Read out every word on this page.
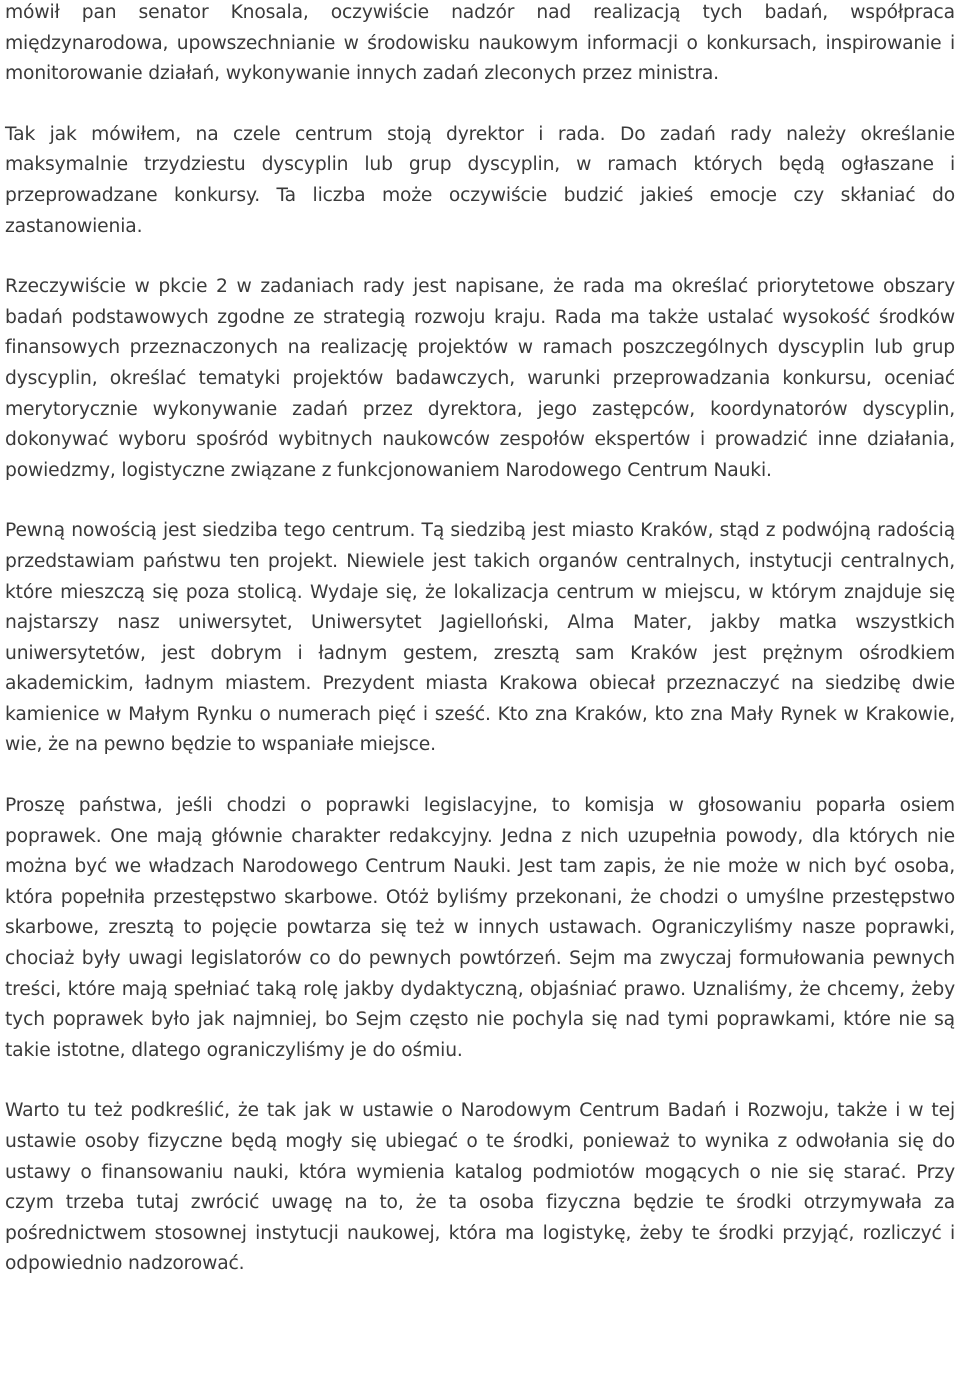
mówił pan senator Knosala, oczywiście nadzór nad realizacją tych badań, współpraca międzynarodowa, upowszechnianie w środowisku naukowym informacji o konkursach, inspirowanie i monitorowanie działań, wykonywanie innych zadań zleconych przez ministra.

Tak jak mówiłem, na czele centrum stoją dyrektor i rada. Do zadań rady należy określanie maksymalnie trzydziestu dyscyplin lub grup dyscyplin, w ramach których będą ogłaszane i przeprowadzane konkursy. Ta liczba może oczywiście budzić jakieś emocje czy skłaniać do zastanowienia.

Rzeczywiście w pkcie 2 w zadaniach rady jest napisane, że rada ma określać priorytetowe obszary badań podstawowych zgodne ze strategią rozwoju kraju. Rada ma także ustalać wysokość środków finansowych przeznaczonych na realizację projektów w ramach poszczególnych dyscyplin lub grup dyscyplin, określać tematyki projektów badawczych, warunki przeprowadzania konkursu, oceniać merytorycznie wykonywanie zadań przez dyrektora, jego zastępców, koordynatorów dyscyplin, dokonywać wyboru spośród wybitnych naukowców zespołów ekspertów i prowadzić inne działania, powiedzmy, logistyczne związane z funkcjonowaniem Narodowego Centrum Nauki.

Pewną nowością jest siedziba tego centrum. Tą siedzibą jest miasto Kraków, stąd z podwójną radością przedstawiam państwu ten projekt. Niewiele jest takich organów centralnych, instytucji centralnych, które mieszczą się poza stolicą. Wydaje się, że lokalizacja centrum w miejscu, w którym znajduje się najstarszy nasz uniwersytet, Uniwersytet Jagielloński, Alma Mater, jakby matka wszystkich uniwersytetów, jest dobrym i ładnym gestem, zresztą sam Kraków jest prężnym ośrodkiem akademickim, ładnym miastem. Prezydent miasta Krakowa obiecał przeznaczyć na siedzibę dwie kamienice w Małym Rynku o numerach pięć i sześć. Kto zna Kraków, kto zna Mały Rynek w Krakowie, wie, że na pewno będzie to wspaniałe miejsce.

Proszę państwa, jeśli chodzi o poprawki legislacyjne, to komisja w głosowaniu poparła osiem poprawek. One mają głównie charakter redakcyjny. Jedna z nich uzupełnia powody, dla których nie można być we władzach Narodowego Centrum Nauki. Jest tam zapis, że nie może w nich być osoba, która popełniła przestępstwo skarbowe. Otóż byliśmy przekonani, że chodzi o umyślne przestępstwo skarbowe, zresztą to pojęcie powtarza się też w innych ustawach. Ograniczyliśmy nasze poprawki, chociaż były uwagi legislatorów co do pewnych powtórzeń. Sejm ma zwyczaj formułowania pewnych treści, które mają spełniać taką rolę jakby dydaktyczną, objaśniać prawo. Uznaliśmy, że chcemy, żeby tych poprawek było jak najmniej, bo Sejm często nie pochyla się nad tymi poprawkami, które nie są takie istotne, dlatego ograniczyliśmy je do ośmiu.

Warto tu też podkreślić, że tak jak w ustawie o Narodowym Centrum Badań i Rozwoju, także i w tej ustawie osoby fizyczne będą mogły się ubiegać o te środki, ponieważ to wynika z odwołania się do ustawy o finansowaniu nauki, która wymienia katalog podmiotów mogących o nie się starać. Przy czym trzeba tutaj zwrócić uwagę na to, że ta osoba fizyczna będzie te środki otrzymywała za pośrednictwem stosownej instytucji naukowej, która ma logistykę, żeby te środki przyjąć, rozliczyć i odpowiednio nadzorować.
